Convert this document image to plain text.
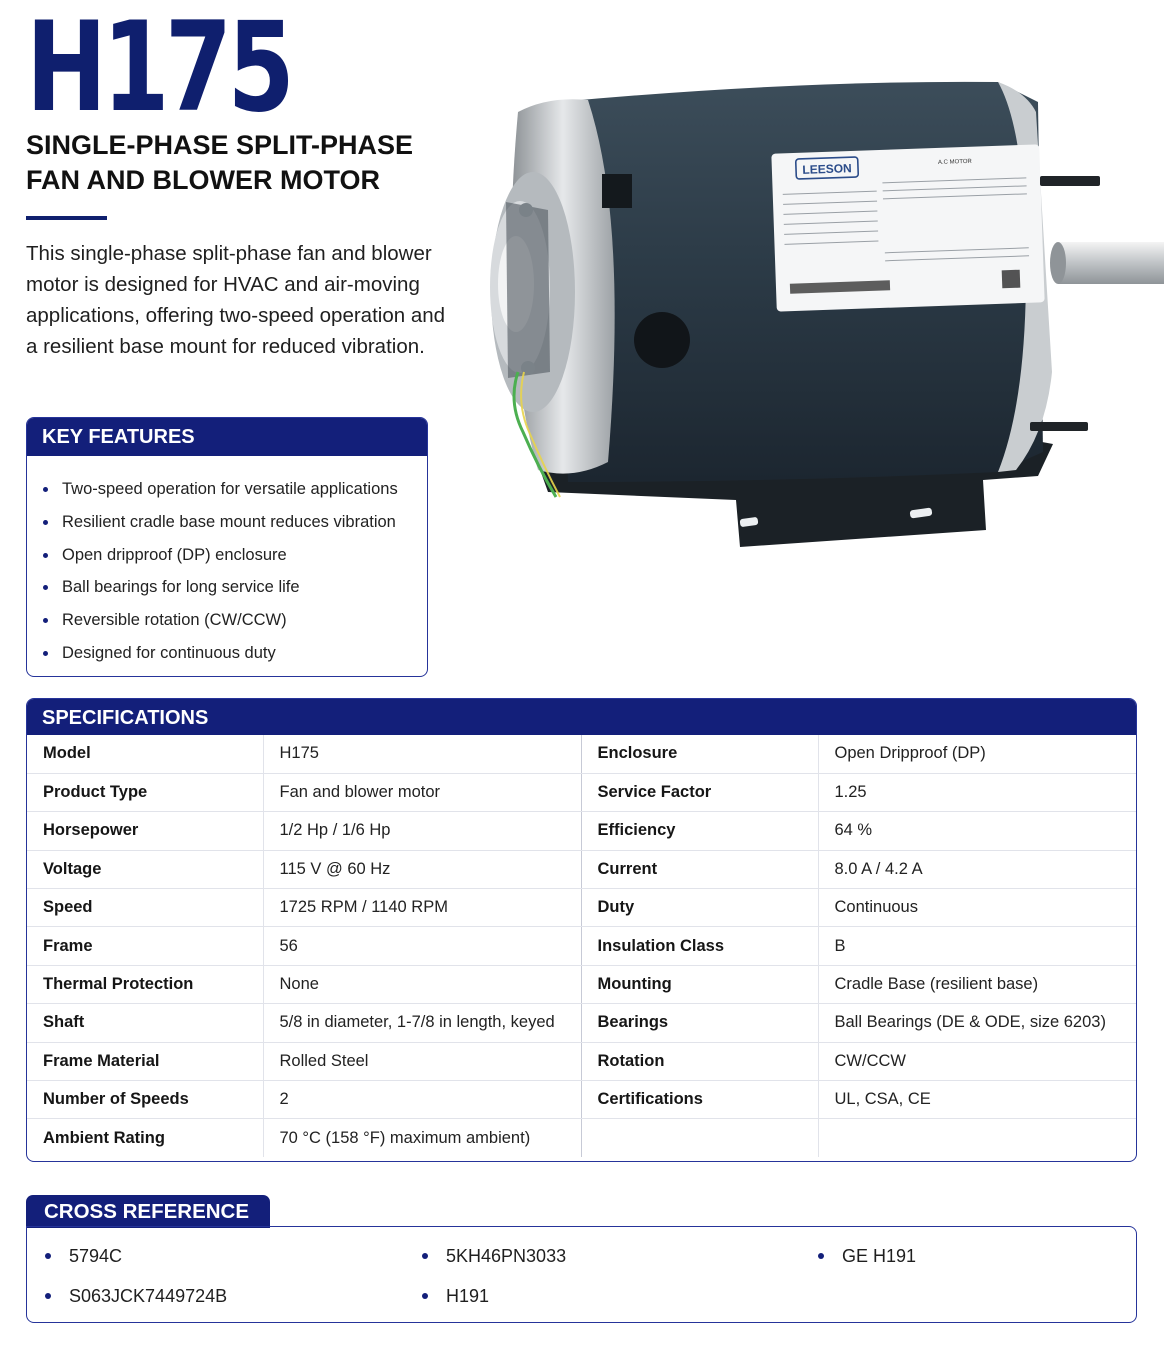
H175
SINGLE-PHASE SPLIT-PHASE
FAN AND BLOWER MOTOR

This single-phase split-phase fan and blower motor is designed for HVAC and air-moving applications, offering two-speed operation and a resilient base mount for reduced vibration.

KEY FEATURES
Two-speed operation for versatile applications
Resilient cradle base mount reduces vibration
Open dripproof (DP) enclosure
Ball bearings for long service life
Reversible rotation (CW/CCW)
Designed for continuous duty
LEESON	A.C MOTOR
SPECIFICATIONS
Model	H175	Enclosure	Open Dripproof (DP)
Product Type	Fan and blower motor	Service Factor	1.25
Horsepower	1/2 Hp / 1/6 Hp	Efficiency	64 %
Voltage	115 V @ 60 Hz	Current	8.0 A / 4.2 A
Speed	1725 RPM / 1140 RPM	Duty	Continuous
Frame	56	Insulation Class	B
Thermal Protection	None	Mounting	Cradle Base (resilient base)
Shaft	5/8 in diameter, 1-7/8 in length, keyed	Bearings	Ball Bearings (DE & ODE, size 6203)
Frame Material	Rolled Steel	Rotation	CW/CCW
Number of Speeds	2	Certifications	UL, CSA, CE
Ambient Rating	70 °C (158 °F) maximum ambient)		
CROSS REFERENCE
5794C	5KH46PN3033	GE H191
S063JCK7449724B	H191
